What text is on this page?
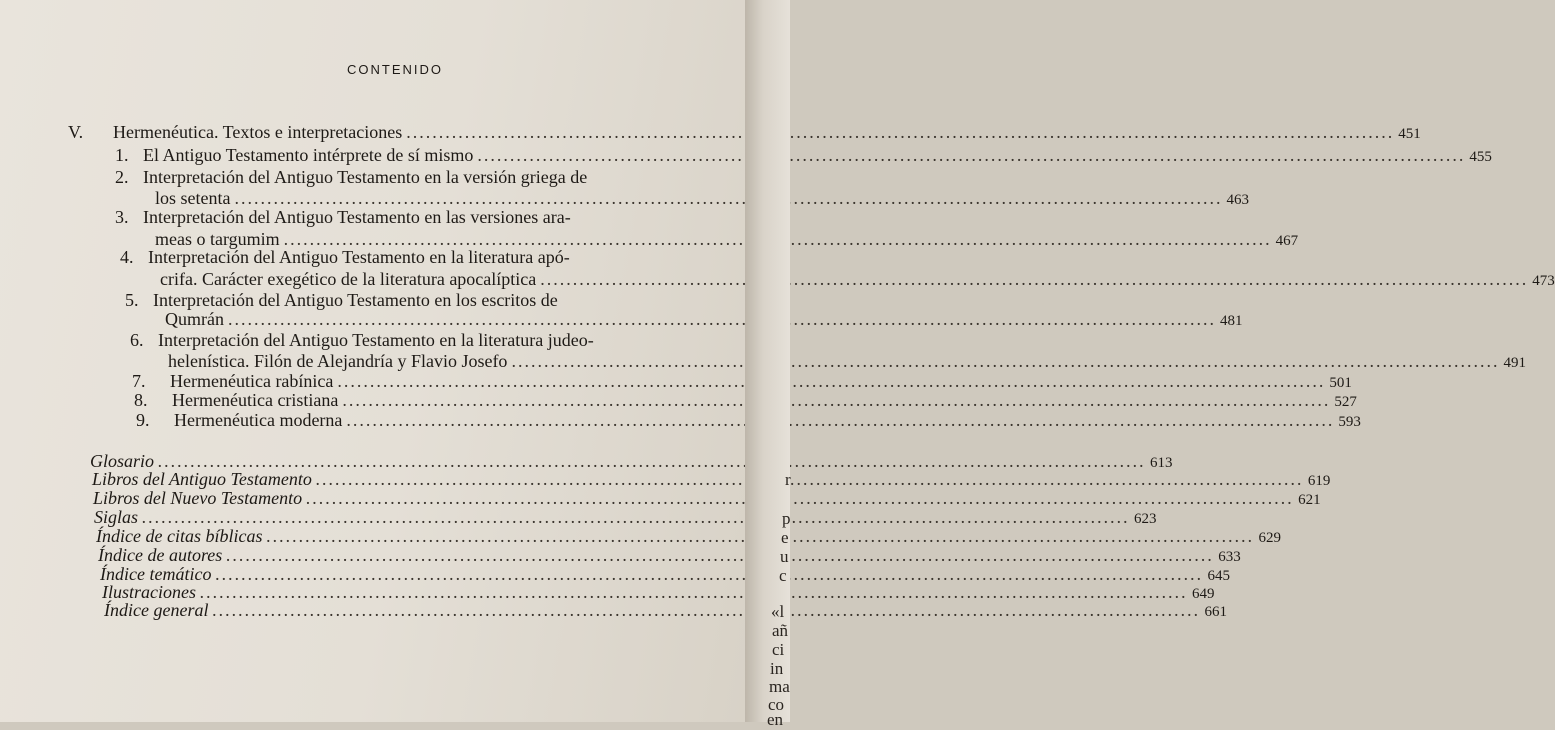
CONTENIDO
V. Hermenéutica. Textos e interpretaciones .....	451
1. El Antiguo Testamento intérprete de sí mismo .....	455
2. Interpretación del Antiguo Testamento en la versión griega de
los setenta .....	463
3. Interpretación del Antiguo Testamento en las versiones ara-
meas o targumim .....	467
4. Interpretación del Antiguo Testamento en la literatura apó-
crifa. Carácter exegético de la literatura apocalíptica .....	473
5. Interpretación del Antiguo Testamento en los escritos de
Qumrán .....	481
6. Interpretación del Antiguo Testamento en la literatura judeo-
helenística. Filón de Alejandría y Flavio Josefo .....	491
7. Hermenéutica rabínica .....	501
8. Hermenéutica cristiana .....	527
9. Hermenéutica moderna .....	593
Glosario .....	613
Libros del Antiguo Testamento .....	619
Libros del Nuevo Testamento .....	621
Siglas .....	623
Índice de citas bíblicas .....	629
Índice de autores .....	633
Índice temático .....	645
Ilustraciones .....	649
Índice general .....	661
r
p
e
u
c
«l
añ
ci
in
ma
co
en
